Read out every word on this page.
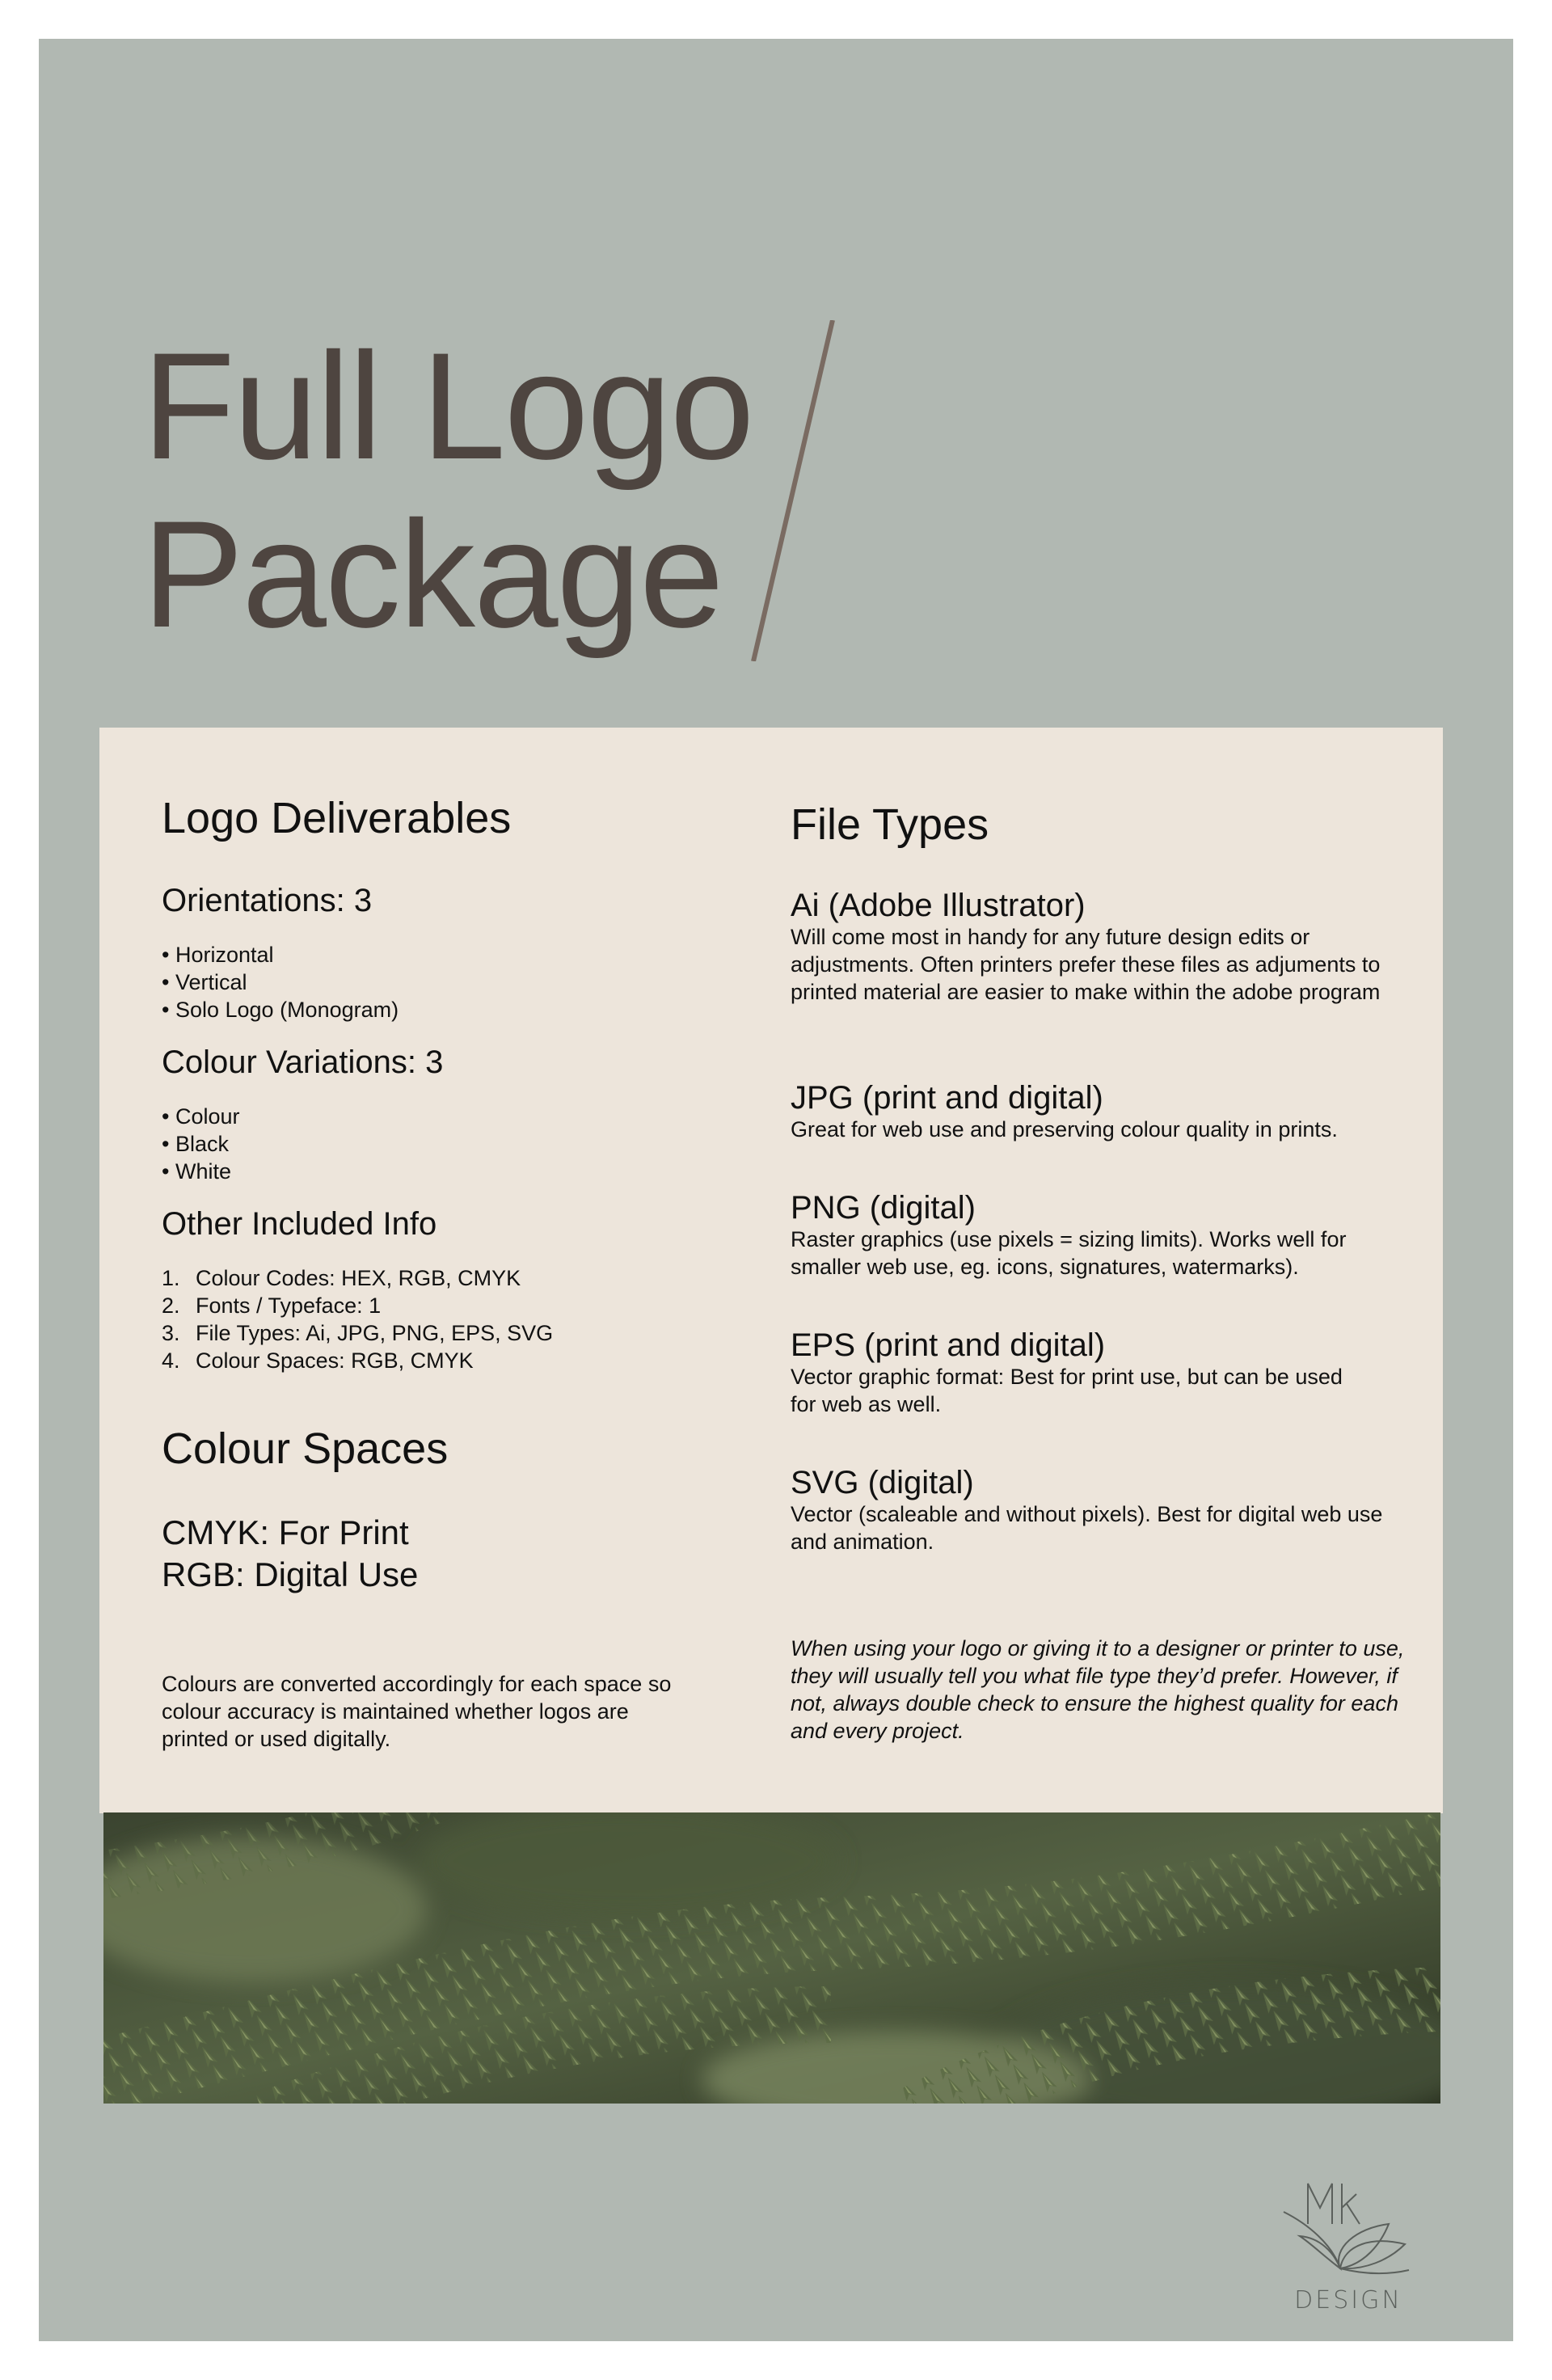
Full Logo
Package
Logo Deliverables
Orientations: 3
• Horizontal
• Vertical
• Solo Logo (Monogram)
Colour Variations: 3
• Colour
• Black
• White
Other Included Info
1. Colour Codes: HEX, RGB, CMYK
2. Fonts / Typeface: 1
3. File Types: Ai, JPG, PNG, EPS, SVG
4. Colour Spaces: RGB, CMYK
Colour Spaces

CMYK: For Print

RGB: Digital Use

Colours are converted accordingly for each space so colour accuracy is maintained whether logos are printed or used digitally.

File Types
Ai (Adobe Illustrator)

Will come most in handy for any future design edits or adjustments. Often printers prefer these files as adjuments to printed material are easier to make within the adobe program

JPG (print and digital)

Great for web use and preserving colour quality in prints.

PNG (digital)

Raster graphics (use pixels = sizing limits). Works well for smaller web use, eg. icons, signatures, watermarks).

EPS (print and digital)

Vector graphic format: Best for print use, but can be used for web as well.

SVG (digital)

Vector (scaleable and without pixels). Best for digital web use and animation.

When using your logo or giving it to a designer or printer to use, they will usually tell you what file type they’d prefer. However, if not, always double check to ensure the highest quality for each and every project.

DESIGN
